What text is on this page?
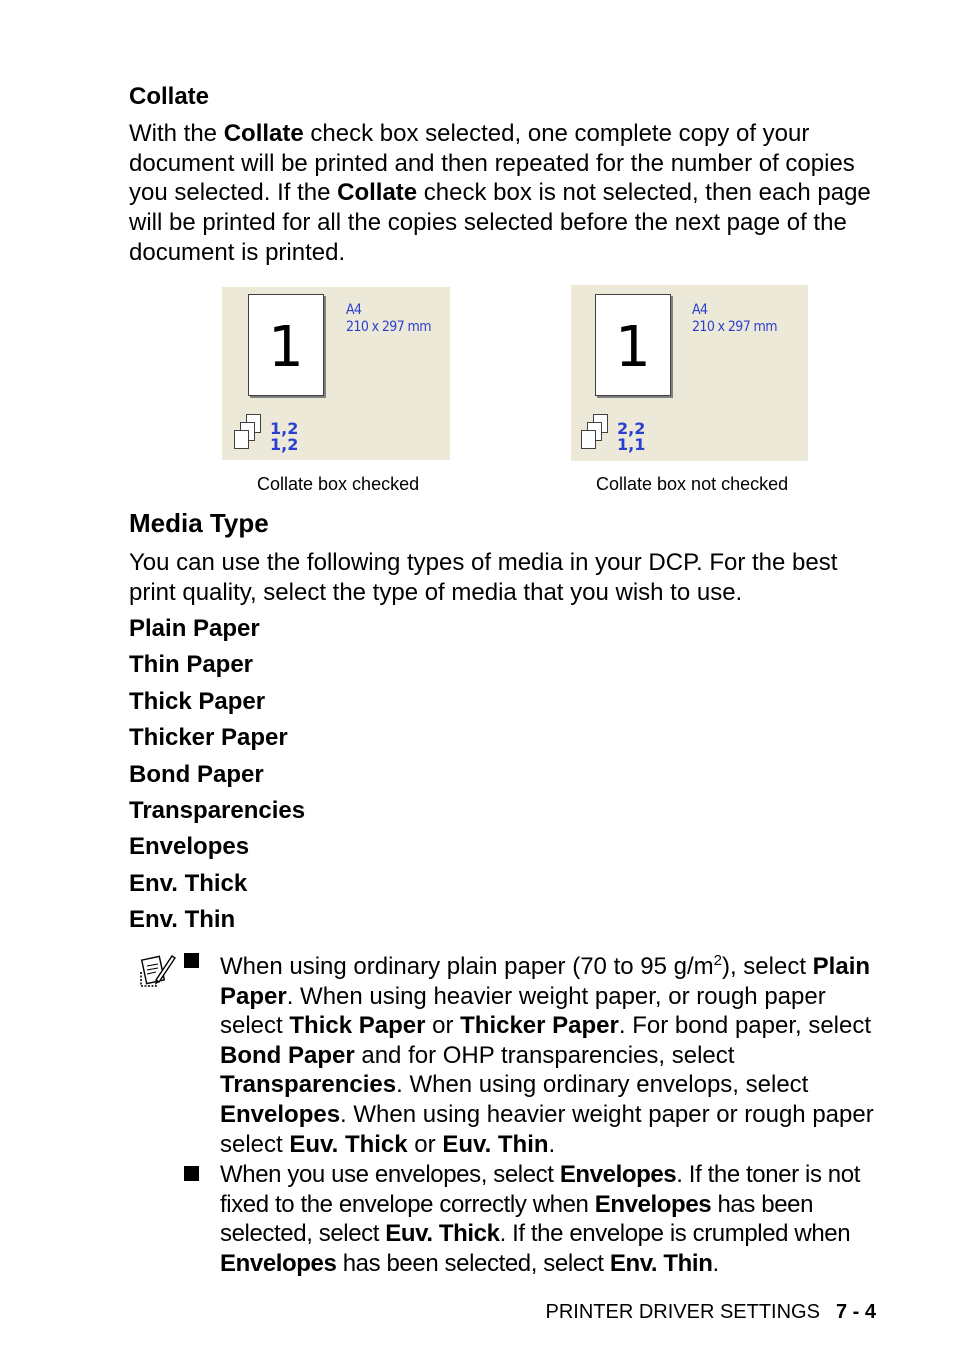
Collate
With the Collate check box selected, one complete copy of your document will be printed and then repeated for the number of copies you selected. If the Collate check box is not selected, then each page will be printed for all the copies selected before the next page of the document is printed.
1
A4
210 x 297 mm
1,2
1,2
1
A4
210 x 297 mm
2,2
1,1
Collate box checked	Collate box not checked
Media Type
You can use the following types of media in your DCP. For the best print quality, select the type of media that you wish to use.
Plain Paper
Thin Paper
Thick Paper
Thicker Paper
Bond Paper
Transparencies
Envelopes
Env. Thick
Env. Thin
When using ordinary plain paper (70 to 95 $g/m^2$), select Plain Paper. When using heavier weight paper, or rough paper select Thick Paper or Thicker Paper. For bond paper, select Bond Paper and for OHP transparencies, select Transparencies. When using ordinary envelops, select Envelopes. When using heavier weight paper or rough paper select Euv. Thick or Euv. Thin.
When you use envelopes, select Envelopes. If the toner is not fixed to the envelope correctly when Envelopes has been selected, select Euv. Thick. If the envelope is crumpled when Envelopes has been selected, select Env. Thin.
PRINTER DRIVER SETTINGS 7 - 4
